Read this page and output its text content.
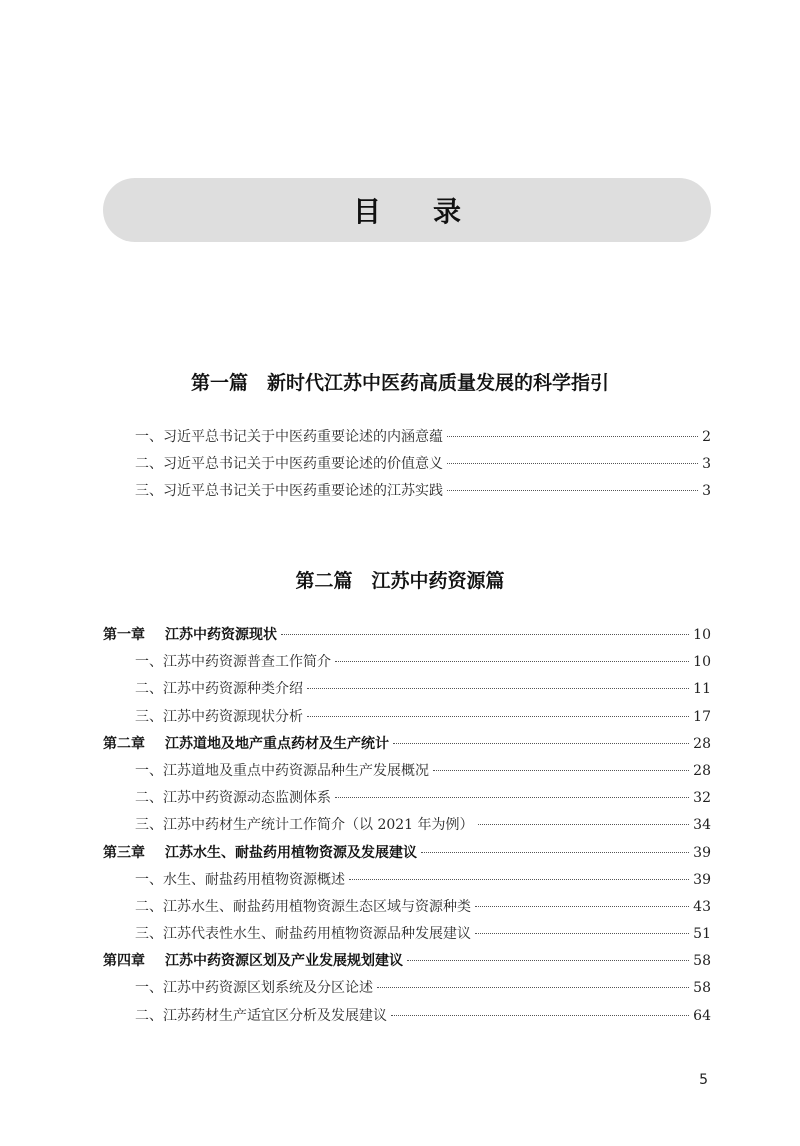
目录
第一篇　新时代江苏中医药高质量发展的科学指引
一、习近平总书记关于中医药重要论述的内涵意蕴	2
二、习近平总书记关于中医药重要论述的价值意义	3
三、习近平总书记关于中医药重要论述的江苏实践	3
第二篇　江苏中药资源篇
第一章 江苏中药资源现状	10
一、江苏中药资源普查工作简介	10
二、江苏中药资源种类介绍	11
三、江苏中药资源现状分析	17
第二章 江苏道地及地产重点药材及生产统计	28
一、江苏道地及重点中药资源品种生产发展概况	28
二、江苏中药资源动态监测体系	32
三、江苏中药材生产统计工作简介（以 2021 年为例）	34
第三章 江苏水生、耐盐药用植物资源及发展建议	39
一、水生、耐盐药用植物资源概述	39
二、江苏水生、耐盐药用植物资源生态区域与资源种类	43
三、江苏代表性水生、耐盐药用植物资源品种发展建议	51
第四章 江苏中药资源区划及产业发展规划建议	58
一、江苏中药资源区划系统及分区论述	58
二、江苏药材生产适宜区分析及发展建议	64
5
